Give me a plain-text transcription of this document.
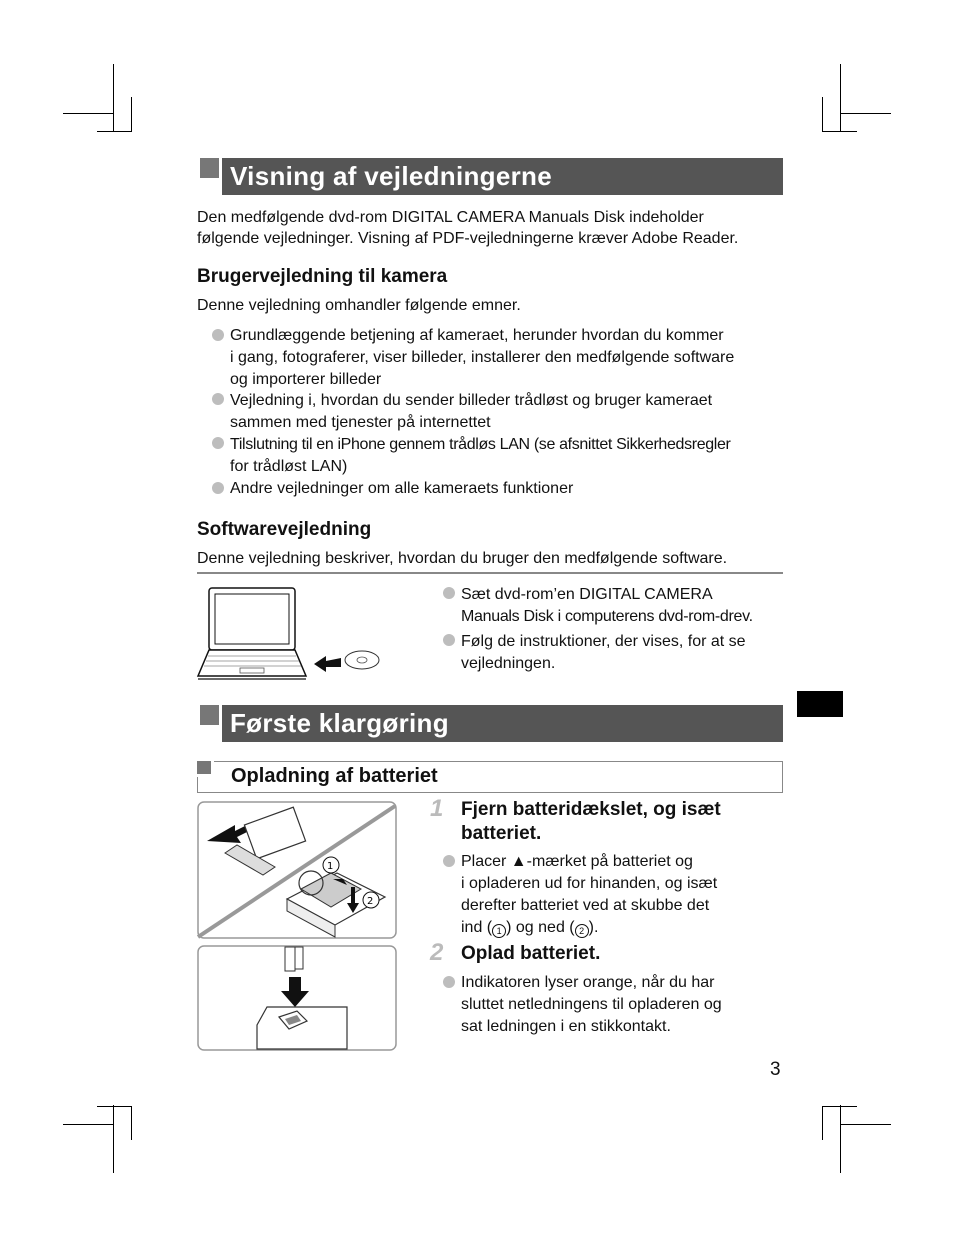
Visning af vejledningerne
Den medfølgende dvd-rom DIGITAL CAMERA Manuals Disk indeholder
følgende vejledninger. Visning af PDF-vejledningerne kræver Adobe Reader.
Brugervejledning til kamera
Denne vejledning omhandler følgende emner.
Grundlæggende betjening af kameraet, herunder hvordan du kommer
i gang, fotograferer, viser billeder, installerer den medfølgende software
og importerer billeder
Vejledning i, hvordan du sender billeder trådløst og bruger kameraet
sammen med tjenester på internettet
Tilslutning til en iPhone gennem trådløs LAN (se afsnittet Sikkerhedsregler
for trådløst LAN)
Andre vejledninger om alle kameraets funktioner
Softwarevejledning
Denne vejledning beskriver, hvordan du bruger den medfølgende software.
Sæt dvd-rom’en DIGITAL CAMERA
Manuals Disk i computerens dvd-rom-drev.
Følg de instruktioner, der vises, for at se
vejledningen.
Første klargøring
Opladning af batteriet
1
2
1 Fjern batteridækslet, og isæt
batteriet.
Placer ▲-mærket på batteriet og
i opladeren ud for hinanden, og isæt
derefter batteriet ved at skubbe det
ind ( 1 ) og ned ( 2 ).
2 Oplad batteriet.
Indikatoren lyser orange, når du har
sluttet netledningens til opladeren og
sat ledningen i en stikkontakt.
3
